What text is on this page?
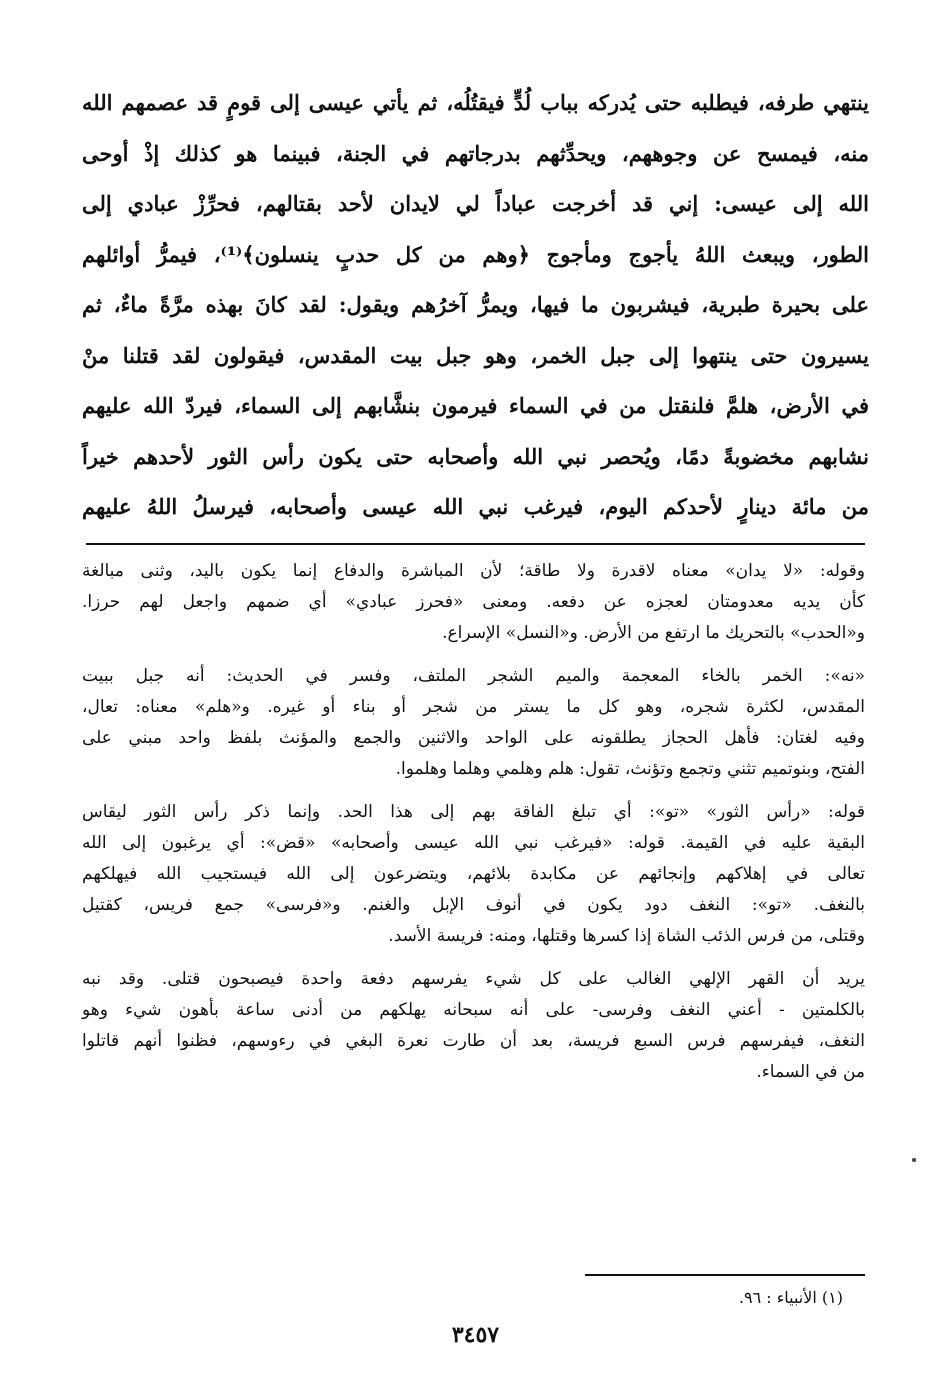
ينتهي طرفه، فيطلبه حتى يُدركه بباب لُدٍّ فيقتُلُه، ثم يأتي عيسى إلى قومٍ قد عصمهم الله
منه، فيمسح عن وجوههم، ويحدِّثهم بدرجاتهم في الجنة، فبينما هو كذلك إذْ أوحى
الله إلى عيسى: إني قد أخرجت عباداً لي لايدان لأحد بقتالهم، فحرِّزْ عبادي إلى
الطور، ويبعث اللهُ يأجوج ومأجوج ﴿وهم من كل حدبٍ ينسلون﴾⁽¹⁾، فيمرُّ أوائلهم
على بحيرة طبرية، فيشربون ما فيها، ويمرُّ آخرُهم ويقول: لقد كانَ بهذه مرَّةً ماءٌ، ثم
يسيرون حتى ينتهوا إلى جبل الخمر، وهو جبل بيت المقدس، فيقولون لقد قتلنا منْ
في الأرض، هلمَّ فلنقتل من في السماء فيرمون بنشَّابهم إلى السماء، فيردّ الله عليهم
نشابهم مخضوبةً دمًا، ويُحصر نبي الله وأصحابه حتى يكون رأس الثور لأحدهم خيراً
من مائة دينارٍ لأحدكم اليوم، فيرغب نبي الله عيسى وأصحابه، فيرسلُ اللهُ عليهم
وقوله: «لا يدان» معناه لاقدرة ولا طاقة؛ لأن المباشرة والدفاع إنما يكون باليد، وثنى مبالغة
كأن يديه معدومتان لعجزه عن دفعه. ومعنى «فحرز عبادي» أي ضمهم واجعل لهم حرزا.
و«الحدب» بالتحريك ما ارتفع من الأرض. و«النسل» الإسراع.
«نه»: الخمر بالخاء المعجمة والميم الشجر الملتف، وفسر في الحديث: أنه جبل ببيت
المقدس، لكثرة شجره، وهو كل ما يستر من شجر أو بناء أو غيره. و«هلم» معناه: تعال،
وفيه لغتان: فأهل الحجاز يطلقونه على الواحد والاثنين والجمع والمؤنث بلفظ واحد مبني على
الفتح، وبنوتميم تثني وتجمع وتؤنث، تقول: هلم وهلمي وهلما وهلموا.
قوله: «رأس الثور» «تو»: أي تبلغ الفاقة بهم إلى هذا الحد. وإنما ذكر رأس الثور ليقاس
البقية عليه في القيمة. قوله: «فيرغب نبي الله عيسى وأصحابه» «قض»: أي يرغبون إلى الله
تعالى في إهلاكهم وإنجائهم عن مكابدة بلائهم، ويتضرعون إلى الله فيستجيب الله فيهلكهم
بالنغف. «تو»: النغف دود يكون في أنوف الإبل والغنم. و«فرسى» جمع فريس، كقتيل
وقتلى، من فرس الذئب الشاة إذا كسرها وقتلها، ومنه: فريسة الأسد.
يريد أن القهر الإلهي الغالب على كل شيء يفرسهم دفعة واحدة فيصبحون قتلى. وقد نبه
بالكلمتين - أعني النغف وفرسى- على أنه سبحانه يهلكهم من أدنى ساعة بأهون شيء وهو
النغف، فيفرسهم فرس السبع فريسة، بعد أن طارت نعرة البغي في رءوسهم، فظنوا أنهم قاتلوا
من في السماء.
(١) الأنبياء : ٩٦.
٣٤٥٧
